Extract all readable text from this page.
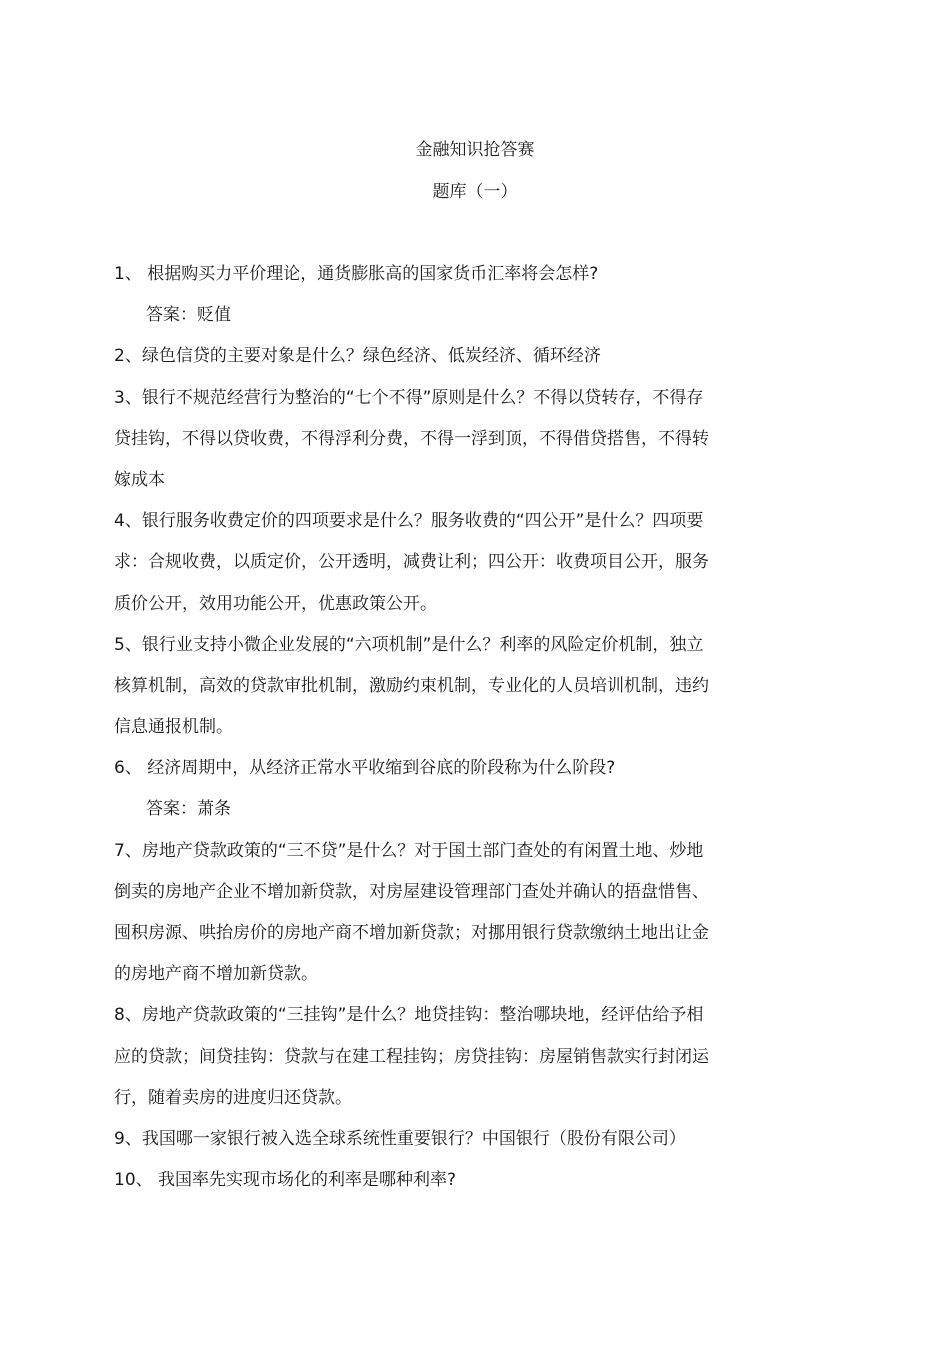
金融知识抢答赛
题库（一）
1、 根据购买力平价理论，通货膨胀高的国家货币汇率将会怎样?
答案：贬值
2、绿色信贷的主要对象是什么？绿色经济、低炭经济、循环经济
3、银行不规范经营行为整治的“七个不得”原则是什么？不得以贷转存，不得存
贷挂钩，不得以贷收费，不得浮利分费，不得一浮到顶，不得借贷搭售，不得转
嫁成本
4、银行服务收费定价的四项要求是什么？服务收费的“四公开”是什么？四项要
求：合规收费，以质定价，公开透明，减费让利；四公开：收费项目公开，服务
质价公开，效用功能公开，优惠政策公开。
5、银行业支持小微企业发展的“六项机制”是什么？利率的风险定价机制，独立
核算机制，高效的贷款审批机制，激励约束机制，专业化的人员培训机制，违约
信息通报机制。
6、 经济周期中，从经济正常水平收缩到谷底的阶段称为什么阶段?
答案：萧条
7、房地产贷款政策的“三不贷”是什么？对于国土部门查处的有闲置土地、炒地
倒卖的房地产企业不增加新贷款，对房屋建设管理部门查处并确认的捂盘惜售、
囤积房源、哄抬房价的房地产商不增加新贷款；对挪用银行贷款缴纳土地出让金
的房地产商不增加新贷款。
8、房地产贷款政策的“三挂钩”是什么？地贷挂钩：整治哪块地，经评估给予相
应的贷款；间贷挂钩：贷款与在建工程挂钩；房贷挂钩：房屋销售款实行封闭运
行，随着卖房的进度归还贷款。
9、我国哪一家银行被入选全球系统性重要银行？中国银行（股份有限公司）
10、 我国率先实现市场化的利率是哪种利率?
